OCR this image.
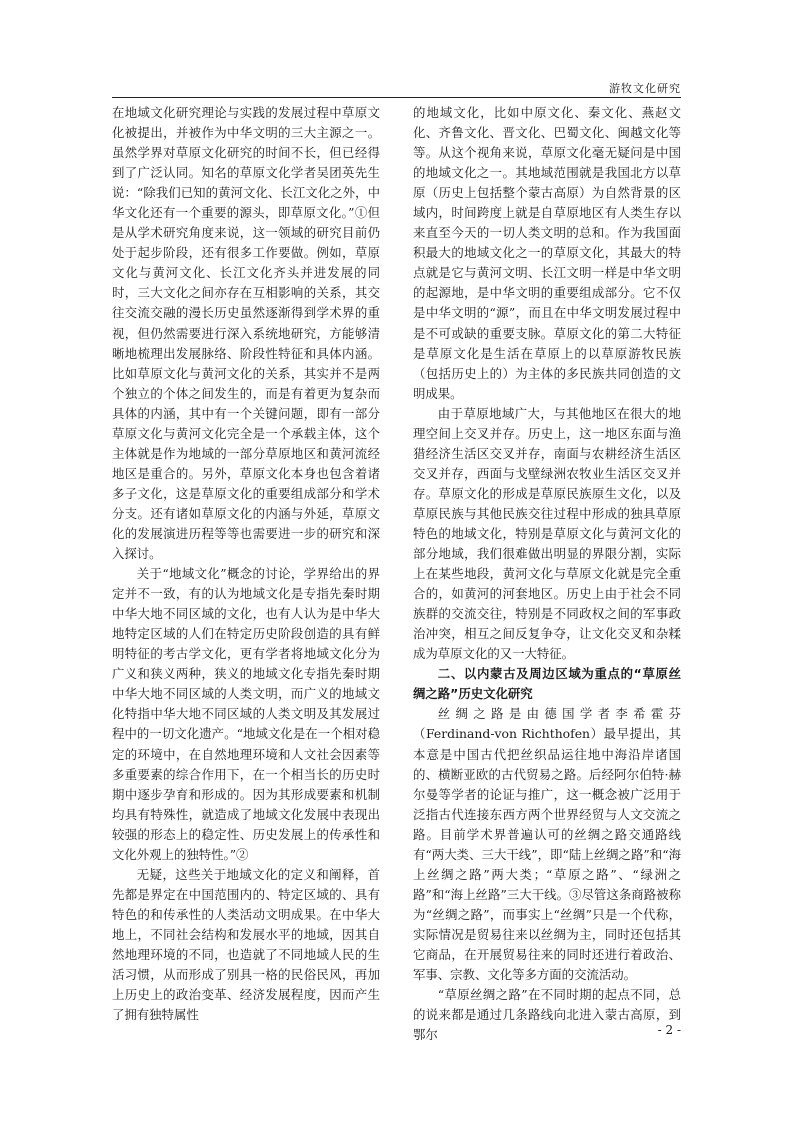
游牧文化研究

在地域文化研究理论与实践的发展过程中草原文化被提出，并被作为中华文明的三大主源之一。虽然学界对草原文化研究的时间不长，但已经得到了广泛认同。知名的草原文化学者吴团英先生说：“除我们已知的黄河文化、长江文化之外，中华文化还有一个重要的源头，即草原文化。”①但是从学术研究角度来说，这一领域的研究目前仍处于起步阶段，还有很多工作要做。例如，草原文化与黄河文化、长江文化齐头并进发展的同时，三大文化之间亦存在互相影响的关系，其交往交流交融的漫长历史虽然逐渐得到学术界的重视，但仍然需要进行深入系统地研究，方能够清晰地梳理出发展脉络、阶段性特征和具体内涵。比如草原文化与黄河文化的关系，其实并不是两个独立的个体之间发生的，而是有着更为复杂而具体的内涵，其中有一个关键问题，即有一部分草原文化与黄河文化完全是一个承载主体，这个主体就是作为地域的一部分草原地区和黄河流经地区是重合的。另外，草原文化本身也包含着诸多子文化，这是草原文化的重要组成部分和学术分支。还有诸如草原文化的内涵与外延，草原文化的发展演进历程等等也需要进一步的研究和深入探讨。

关于“地域文化”概念的讨论，学界给出的界定并不一致，有的认为地域文化是专指先秦时期中华大地不同区域的文化，也有人认为是中华大地特定区域的人们在特定历史阶段创造的具有鲜明特征的考古学文化，更有学者将地域文化分为广义和狭义两种，狭义的地域文化专指先秦时期中华大地不同区域的人类文明，而广义的地域文化特指中华大地不同区域的人类文明及其发展过程中的一切文化遗产。“地域文化是在一个相对稳定的环境中，在自然地理环境和人文社会因素等多重要素的综合作用下，在一个相当长的历史时期中逐步孕育和形成的。因为其形成要素和机制均具有特殊性，就造成了地域文化发展中表现出较强的形态上的稳定性、历史发展上的传承性和文化外观上的独特性。”②

无疑，这些关于地域文化的定义和阐释，首先都是界定在中国范围内的、特定区域的、具有特色的和传承性的人类活动文明成果。在中华大地上，不同社会结构和发展水平的地域，因其自然地理环境的不同，也造就了不同地域人民的生活习惯，从而形成了别具一格的民俗民风，再加上历史上的政治变革、经济发展程度，因而产生了拥有独特属性

的地域文化，比如中原文化、秦文化、燕赵文化、齐鲁文化、晋文化、巴蜀文化、闽越文化等等。从这个视角来说，草原文化毫无疑问是中国的地域文化之一。其地域范围就是我国北方以草原（历史上包括整个蒙古高原）为自然背景的区域内，时间跨度上就是自草原地区有人类生存以来直至今天的一切人类文明的总和。作为我国面积最大的地域文化之一的草原文化，其最大的特点就是它与黄河文明、长江文明一样是中华文明的起源地，是中华文明的重要组成部分。它不仅是中华文明的“源”，而且在中华文明发展过程中是不可或缺的重要支脉。草原文化的第二大特征是草原文化是生活在草原上的以草原游牧民族（包括历史上的）为主体的多民族共同创造的文明成果。

由于草原地域广大，与其他地区在很大的地理空间上交叉并存。历史上，这一地区东面与渔猎经济生活区交叉并存，南面与农耕经济生活区交叉并存，西面与戈壁绿洲农牧业生活区交叉并存。草原文化的形成是草原民族原生文化，以及草原民族与其他民族交往过程中形成的独具草原特色的地域文化，特别是草原文化与黄河文化的部分地域，我们很难做出明显的界限分割，实际上在某些地段，黄河文化与草原文化就是完全重合的，如黄河的河套地区。历史上由于社会不同族群的交流交往，特别是不同政权之间的军事政治冲突，相互之间反复争夺，让文化交叉和杂糅成为草原文化的又一大特征。

二、以内蒙古及周边区域为重点的“草原丝绸之路”历史文化研究

丝绸之路是由德国学者李希霍芬（Ferdinand-von Richthofen）最早提出，其本意是中国古代把丝织品运往地中海沿岸诸国的、横断亚欧的古代贸易之路。后经阿尔伯特·赫尔曼等学者的论证与推广，这一概念被广泛用于泛指古代连接东西方两个世界经贸与人文交流之路。目前学术界普遍认可的丝绸之路交通路线有“两大类、三大干线”，即“陆上丝绸之路”和“海上丝绸之路”两大类；“草原之路”、“绿洲之路”和“海上丝路”三大干线。③尽管这条商路被称为“丝绸之路”，而事实上“丝绸”只是一个代称，实际情况是贸易往来以丝绸为主，同时还包括其它商品，在开展贸易往来的同时还进行着政治、军事、宗教、文化等多方面的交流活动。

“草原丝绸之路”在不同时期的起点不同，总的说来都是通过几条路线向北进入蒙古高原，到鄂尔	- 2 -
